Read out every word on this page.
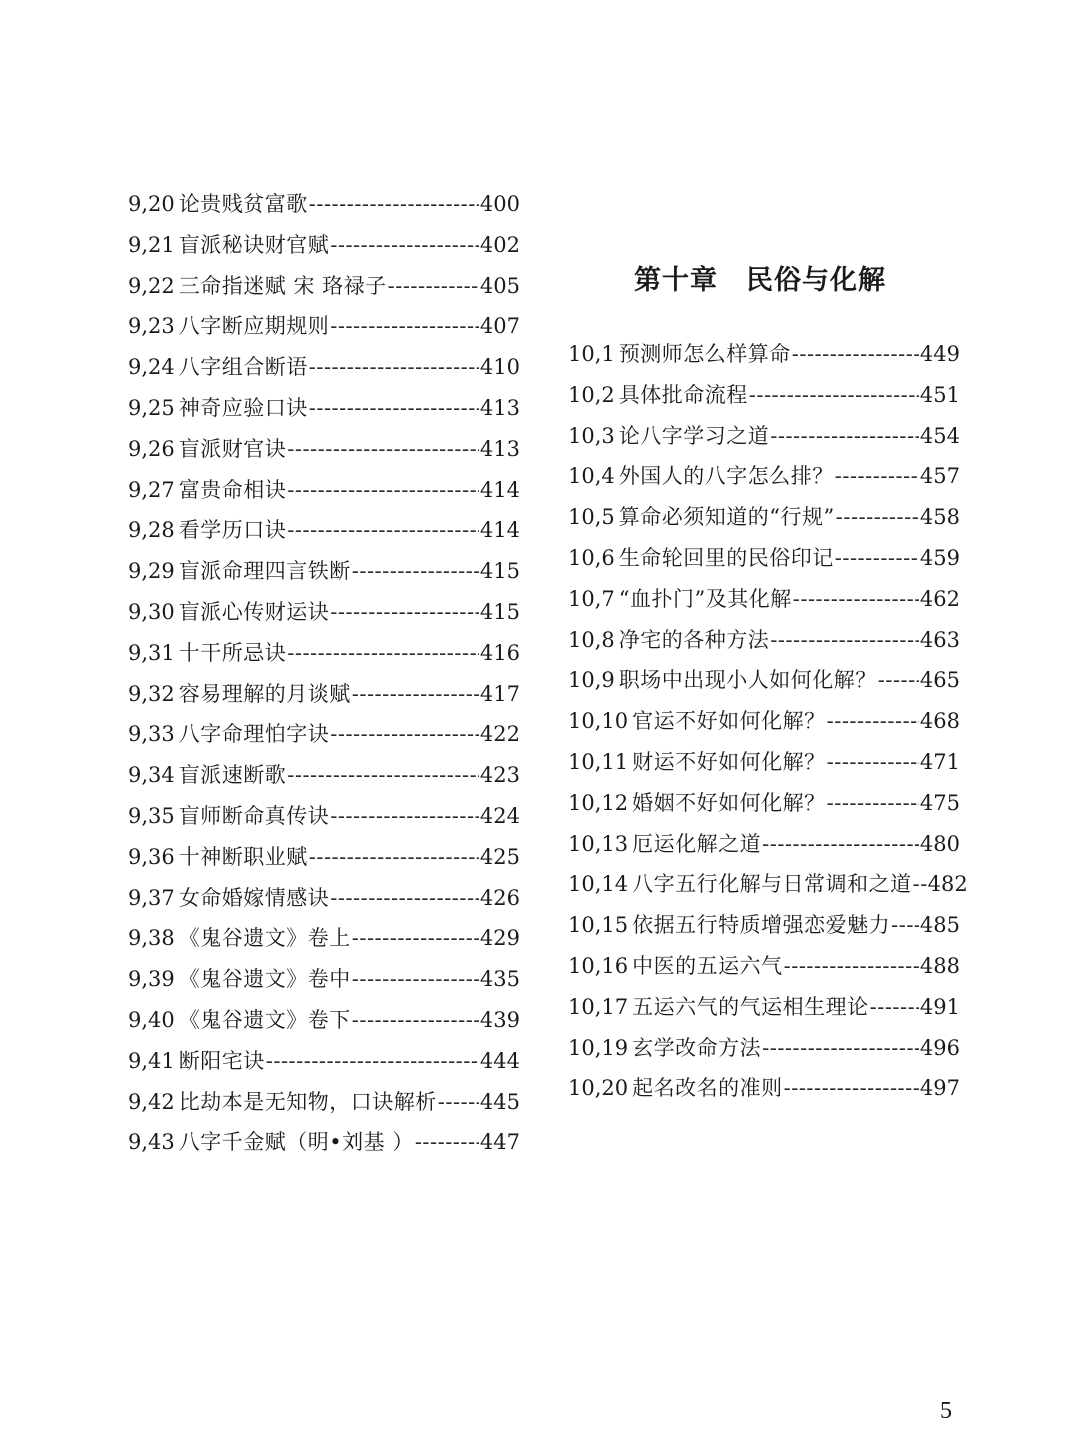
9,20 论贵贱贫富歌 -----	400
9,21 盲派秘诀财官赋 -----	402
9,22 三命指迷赋 宋 珞禄子 -----	405
9,23 八字断应期规则 -----	407
9,24 八字组合断语 -----	410
9,25 神奇应验口诀 -----	413
9,26 盲派财官诀 -----	413
9,27 富贵命相诀 -----	414
9,28 看学历口诀 -----	414
9,29 盲派命理四言铁断 -----	415
9,30 盲派心传财运诀 -----	415
9,31 十干所忌诀 -----	416
9,32 容易理解的月谈赋 -----	417
9,33 八字命理怕字诀 -----	422
9,34 盲派速断歌 -----	423
9,35 盲师断命真传诀 -----	424
9,36 十神断职业赋 -----	425
9,37 女命婚嫁情感诀 -----	426
9,38 《鬼谷遗文》卷上 -----	429
9,39 《鬼谷遗文》卷中 -----	435
9,40 《鬼谷遗文》卷下 -----	439
9,41 断阳宅诀 -----	444
9,42 比劫本是无知物，口诀解析 ----- 445
9,43 八字千金赋（明•刘基 ） -----	447
第十章　民俗与化解
10,1 预测师怎么样算命 -----	449
10,2 具体批命流程 -----	451
10,3 论八字学习之道 -----	454
10,4 外国人的八字怎么排？ -----	457
10,5 算命必须知道的“行规” -----	458
10,6 生命轮回里的民俗印记 -----	459
10,7 “血扑门”及其化解 -----	462
10,8 净宅的各种方法 -----	463
10,9 职场中出现小人如何化解？ ----- 465
10,10 官运不好如何化解？ -----	468
10,11 财运不好如何化解？ -----	471
10,12 婚姻不好如何化解？ -----	475
10,13 厄运化解之道 -----	480
10,14 八字五行化解与日常调和之道 ----- 482
10,15 依据五行特质增强恋爱魅力 ----- 485
10,16 中医的五运六气 -----	488
10,17 五运六气的气运相生理论 ----- 491
10,19 玄学改命方法 -----	496
10,20 起名改名的准则 -----	497
5
